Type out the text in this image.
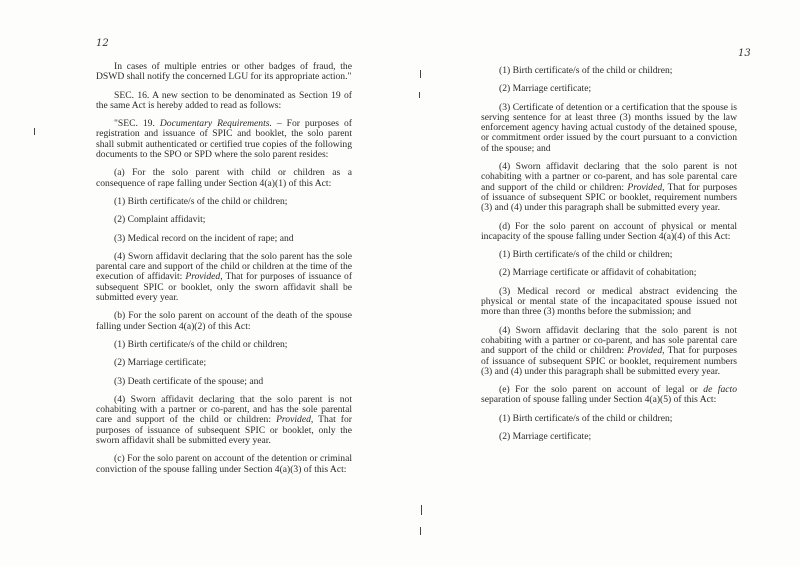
12

In cases of multiple entries or other badges of fraud, the DSWD shall notify the concerned LGU for its appropriate action."

SEC. 16. A new section to be denominated as Section 19 of the same Act is hereby added to read as follows:

"SEC. 19. Documentary Requirements. – For purposes of registration and issuance of SPIC and booklet, the solo parent shall submit authenticated or certified true copies of the following documents to the SPO or SPD where the solo parent resides:

(a) For the solo parent with child or children as a consequence of rape falling under Section 4(a)(1) of this Act:

(1) Birth certificate/s of the child or children;

(2) Complaint affidavit;

(3) Medical record on the incident of rape; and

(4) Sworn affidavit declaring that the solo parent has the sole parental care and support of the child or children at the time of the execution of affidavit: Provided, That for purposes of issuance of subsequent SPIC or booklet, only the sworn affidavit shall be submitted every year.

(b) For the solo parent on account of the death of the spouse falling under Section 4(a)(2) of this Act:

(1) Birth certificate/s of the child or children;

(2) Marriage certificate;

(3) Death certificate of the spouse; and

(4) Sworn affidavit declaring that the solo parent is not cohabiting with a partner or co-parent, and has the sole parental care and support of the child or children: Provided, That for purposes of issuance of subsequent SPIC or booklet, only the sworn affidavit shall be submitted every year.

(c) For the solo parent on account of the detention or criminal conviction of the spouse falling under Section 4(a)(3) of this Act:

13

(1) Birth certificate/s of the child or children;

(2) Marriage certificate;

(3) Certificate of detention or a certification that the spouse is serving sentence for at least three (3) months issued by the law enforcement agency having actual custody of the detained spouse, or commitment order issued by the court pursuant to a conviction of the spouse; and

(4) Sworn affidavit declaring that the solo parent is not cohabiting with a partner or co-parent, and has sole parental care and support of the child or children: Provided, That for purposes of issuance of subsequent SPIC or booklet, requirement numbers (3) and (4) under this paragraph shall be submitted every year.

(d) For the solo parent on account of physical or mental incapacity of the spouse falling under Section 4(a)(4) of this Act:

(1) Birth certificate/s of the child or children;

(2) Marriage certificate or affidavit of cohabitation;

(3) Medical record or medical abstract evidencing the physical or mental state of the incapacitated spouse issued not more than three (3) months before the submission; and

(4) Sworn affidavit declaring that the solo parent is not cohabiting with a partner or co-parent, and has sole parental care and support of the child or children: Provided, That for purposes of issuance of subsequent SPIC or booklet, requirement numbers (3) and (4) under this paragraph shall be submitted every year.

(e) For the solo parent on account of legal or de facto separation of spouse falling under Section 4(a)(5) of this Act:

(1) Birth certificate/s of the child or children;

(2) Marriage certificate;
